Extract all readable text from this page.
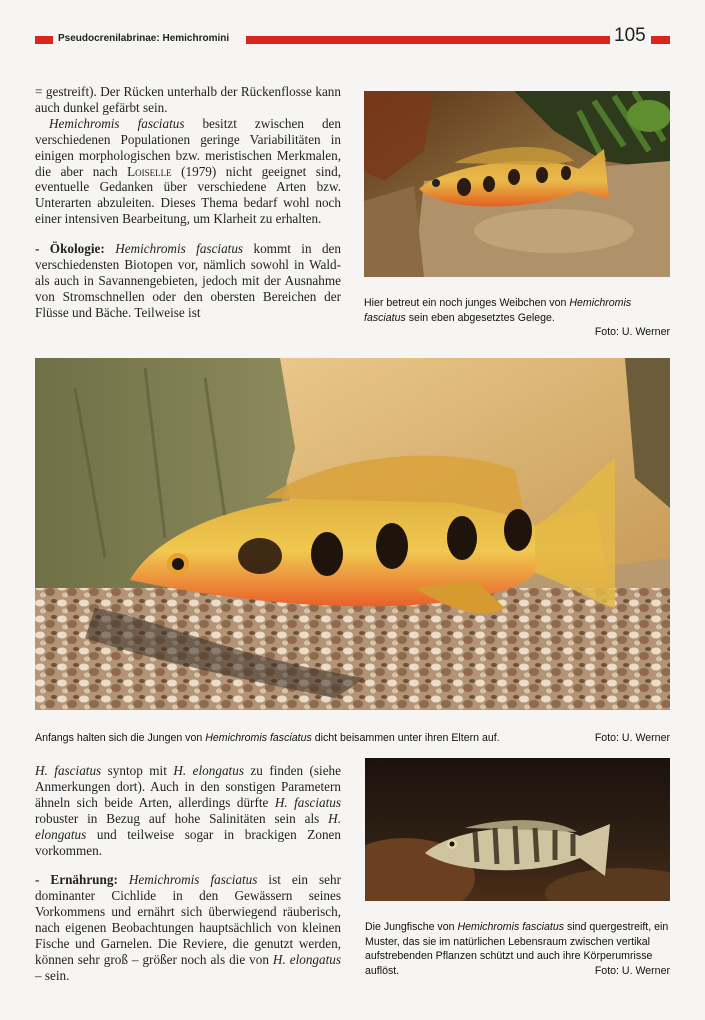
Pseudocrenilabrinae: Hemichromini	105

= gestreift). Der Rücken unterhalb der Rückenflosse kann auch dunkel gefärbt sein.

Hemichromis fasciatus besitzt zwischen den verschiedenen Populationen geringe Variabilitäten in einigen morphologischen bzw. meristischen Merkmalen, die aber nach Loiselle (1979) nicht geeignet sind, eventuelle Gedanken über verschiedene Arten bzw. Unterarten abzuleiten. Dieses Thema bedarf wohl noch einer intensiven Bearbeitung, um Klarheit zu erhalten.

- Ökologie: Hemichromis fasciatus kommt in den verschiedensten Biotopen vor, nämlich sowohl in Wald- als auch in Savannengebieten, jedoch mit der Ausnahme von Stromschnellen oder den obersten Bereichen der Flüsse und Bäche. Teilweise ist

Hier betreut ein noch junges Weibchen von Hemichromis fasciatus sein eben abgesetztes Gelege.
Foto: U. Werner
Anfangs halten sich die Jungen von Hemichromis fasciatus dicht beisammen unter ihren Eltern auf.	Foto: U. Werner

H. fasciatus syntop mit H. elongatus zu finden (siehe Anmerkungen dort). Auch in den sonstigen Parametern ähneln sich beide Arten, allerdings dürfte H. fasciatus robuster in Bezug auf hohe Salinitäten sein als H. elongatus und teilweise sogar in brackigen Zonen vorkommen.

- Ernährung: Hemichromis fasciatus ist ein sehr dominanter Cichlide in den Gewässern seines Vorkommens und ernährt sich überwiegend räuberisch, nach eigenen Beobachtungen hauptsächlich von kleinen Fische und Garnelen. Die Reviere, die genutzt werden, können sehr groß – größer noch als die von H. elongatus – sein.

Die Jungfische von Hemichromis fasciatus sind quergestreift, ein Muster, das sie im natürlichen Lebensraum zwischen vertikal aufstrebenden Pflanzen schützt und auch ihre Körperumrisse auflöst.	Foto: U. Werner
